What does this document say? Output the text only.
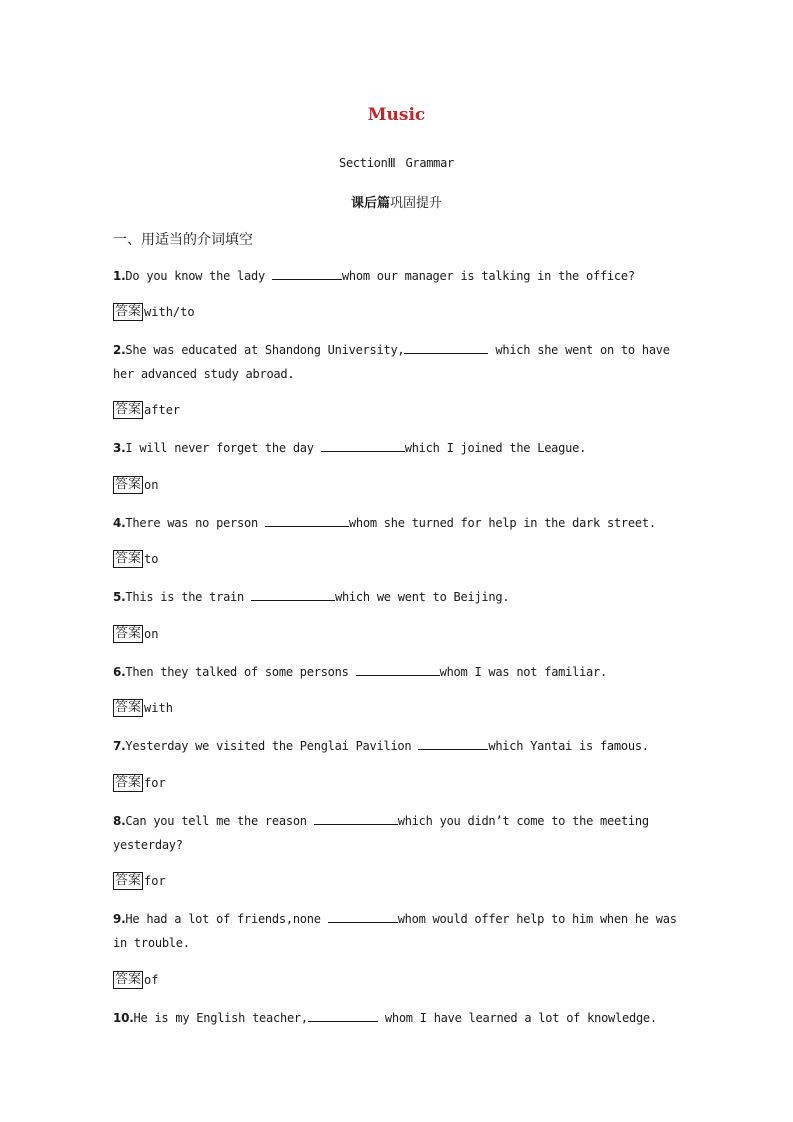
Music
SectionⅢ Grammar
课后篇巩固提升
一、用适当的介词填空
1.Do you know the lady	whom our manager is talking in the office?
答案 with/to
2.She was educated at Shandong University,	which she went on to have her advanced study abroad.
答案 after
3.I will never forget the day	which I joined the League.
答案 on
4.There was no person	whom she turned for help in the dark street.
答案 to
5.This is the train	which we went to Beijing.
答案 on
6.Then they talked of some persons	whom I was not familiar.
答案 with
7.Yesterday we visited the Penglai Pavilion	which Yantai is famous.
答案 for
8.Can you tell me the reason	which you didn’t come to the meeting yesterday?
答案 for
9.He had a lot of friends,none	whom would offer help to him when he was in trouble.
答案 of
10.He is my English teacher,	whom I have learned a lot of knowledge.
